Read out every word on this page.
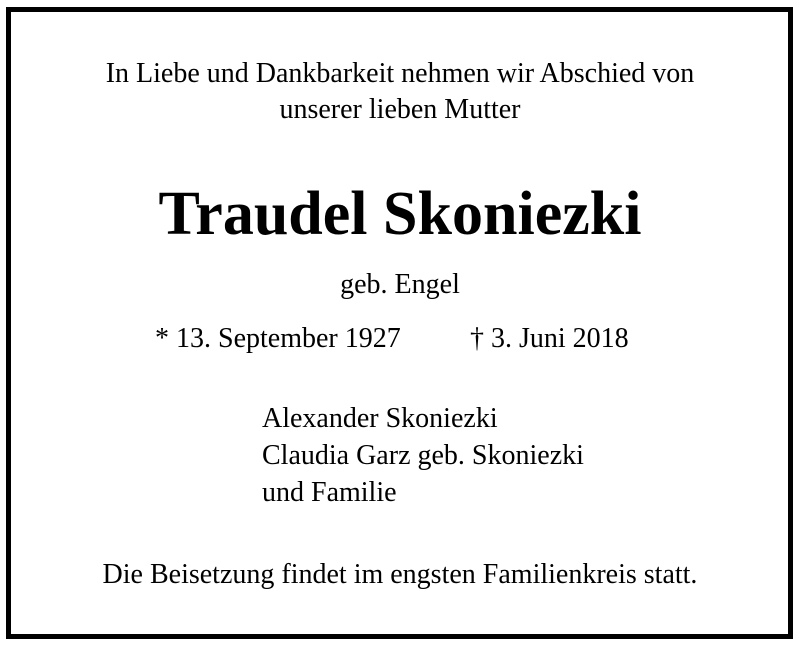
In Liebe und Dankbarkeit nehmen wir Abschied von
unserer lieben Mutter
Traudel Skoniezki
geb. Engel
* 13. September 1927 † 3. Juni 2018
Alexander Skoniezki
Claudia Garz geb. Skoniezki
und Familie
Die Beisetzung findet im engsten Familienkreis statt.
